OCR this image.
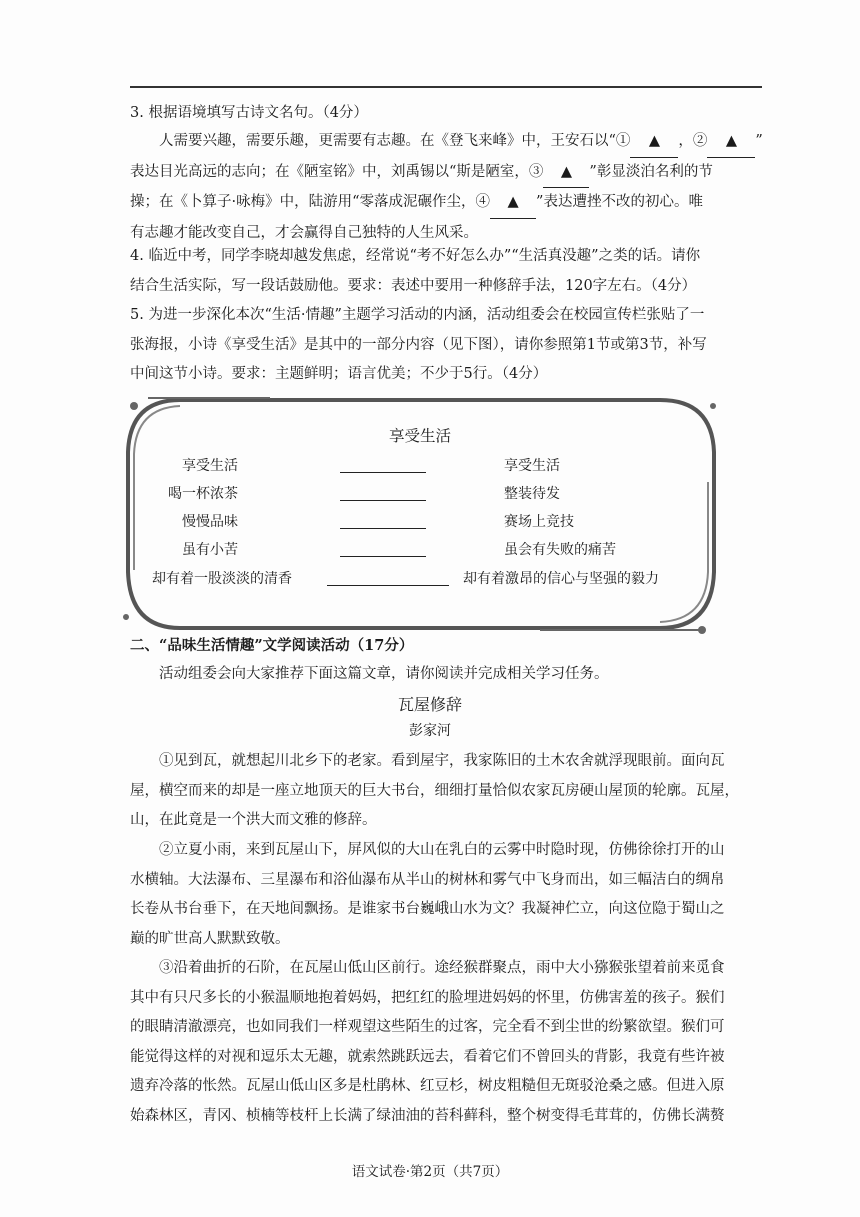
3. 根据语境填写古诗文名句。（4分）
人需要兴趣，需要乐趣，更需要有志趣。在《登飞来峰》中，王安石以“① ▲ ，② ▲ ”
表达目光高远的志向；在《陋室铭》中，刘禹锡以“斯是陋室，③ ▲ ”彰显淡泊名利的节
操；在《卜算子·咏梅》中，陆游用“零落成泥碾作尘，④ ▲ ”表达遭挫不改的初心。唯
有志趣才能改变自己，才会赢得自己独特的人生风采。
4. 临近中考，同学李晓却越发焦虑，经常说“考不好怎么办”“生活真没趣”之类的话。请你
结合生活实际，写一段话鼓励他。要求：表述中要用一种修辞手法，120字左右。（4分）
5. 为进一步深化本次“生活·情趣”主题学习活动的内涵，活动组委会在校园宣传栏张贴了一
张海报，小诗《享受生活》是其中的一部分内容（见下图），请你参照第1节或第3节，补写
中间这节小诗。要求：主题鲜明；语言优美；不少于5行。（4分）
享受生活
享受生活
喝一杯浓茶
慢慢品味
虽有小苦
却有着一股淡淡的清香
享受生活
整装待发
赛场上竞技
虽会有失败的痛苦
却有着激昂的信心与坚强的毅力
二、“品味生活情趣”文学阅读活动（17分）
活动组委会向大家推荐下面这篇文章，请你阅读并完成相关学习任务。
瓦屋修辞
彭家河
①见到瓦，就想起川北乡下的老家。看到屋宇，我家陈旧的土木农舍就浮现眼前。面向瓦
屋，横空而来的却是一座立地顶天的巨大书台，细细打量恰似农家瓦房硬山屋顶的轮廓。瓦屋，
山，在此竟是一个洪大而文雅的修辞。
②立夏小雨，来到瓦屋山下，屏风似的大山在乳白的云雾中时隐时现，仿佛徐徐打开的山
水横轴。大法瀑布、三星瀑布和浴仙瀑布从半山的树林和雾气中飞身而出，如三幅洁白的绸帛
长卷从书台垂下，在天地间飘扬。是谁家书台巍峨山水为文？我凝神伫立，向这位隐于蜀山之
巅的旷世高人默默致敬。
③沿着曲折的石阶，在瓦屋山低山区前行。途经猴群聚点，雨中大小猕猴张望着前来觅食
其中有只尺多长的小猴温顺地抱着妈妈，把红红的脸埋进妈妈的怀里，仿佛害羞的孩子。猴们
的眼睛清澈漂亮，也如同我们一样观望这些陌生的过客，完全看不到尘世的纷繁欲望。猴们可
能觉得这样的对视和逗乐太无趣，就索然跳跃远去，看着它们不曾回头的背影，我竟有些许被
遗弃冷落的怅然。瓦屋山低山区多是杜鹃林、红豆杉，树皮粗糙但无斑驳沧桑之感。但进入原
始森林区，青冈、桢楠等枝杆上长满了绿油油的苔科藓科，整个树变得毛茸茸的，仿佛长满赘
语文试卷·第2页（共7页）
